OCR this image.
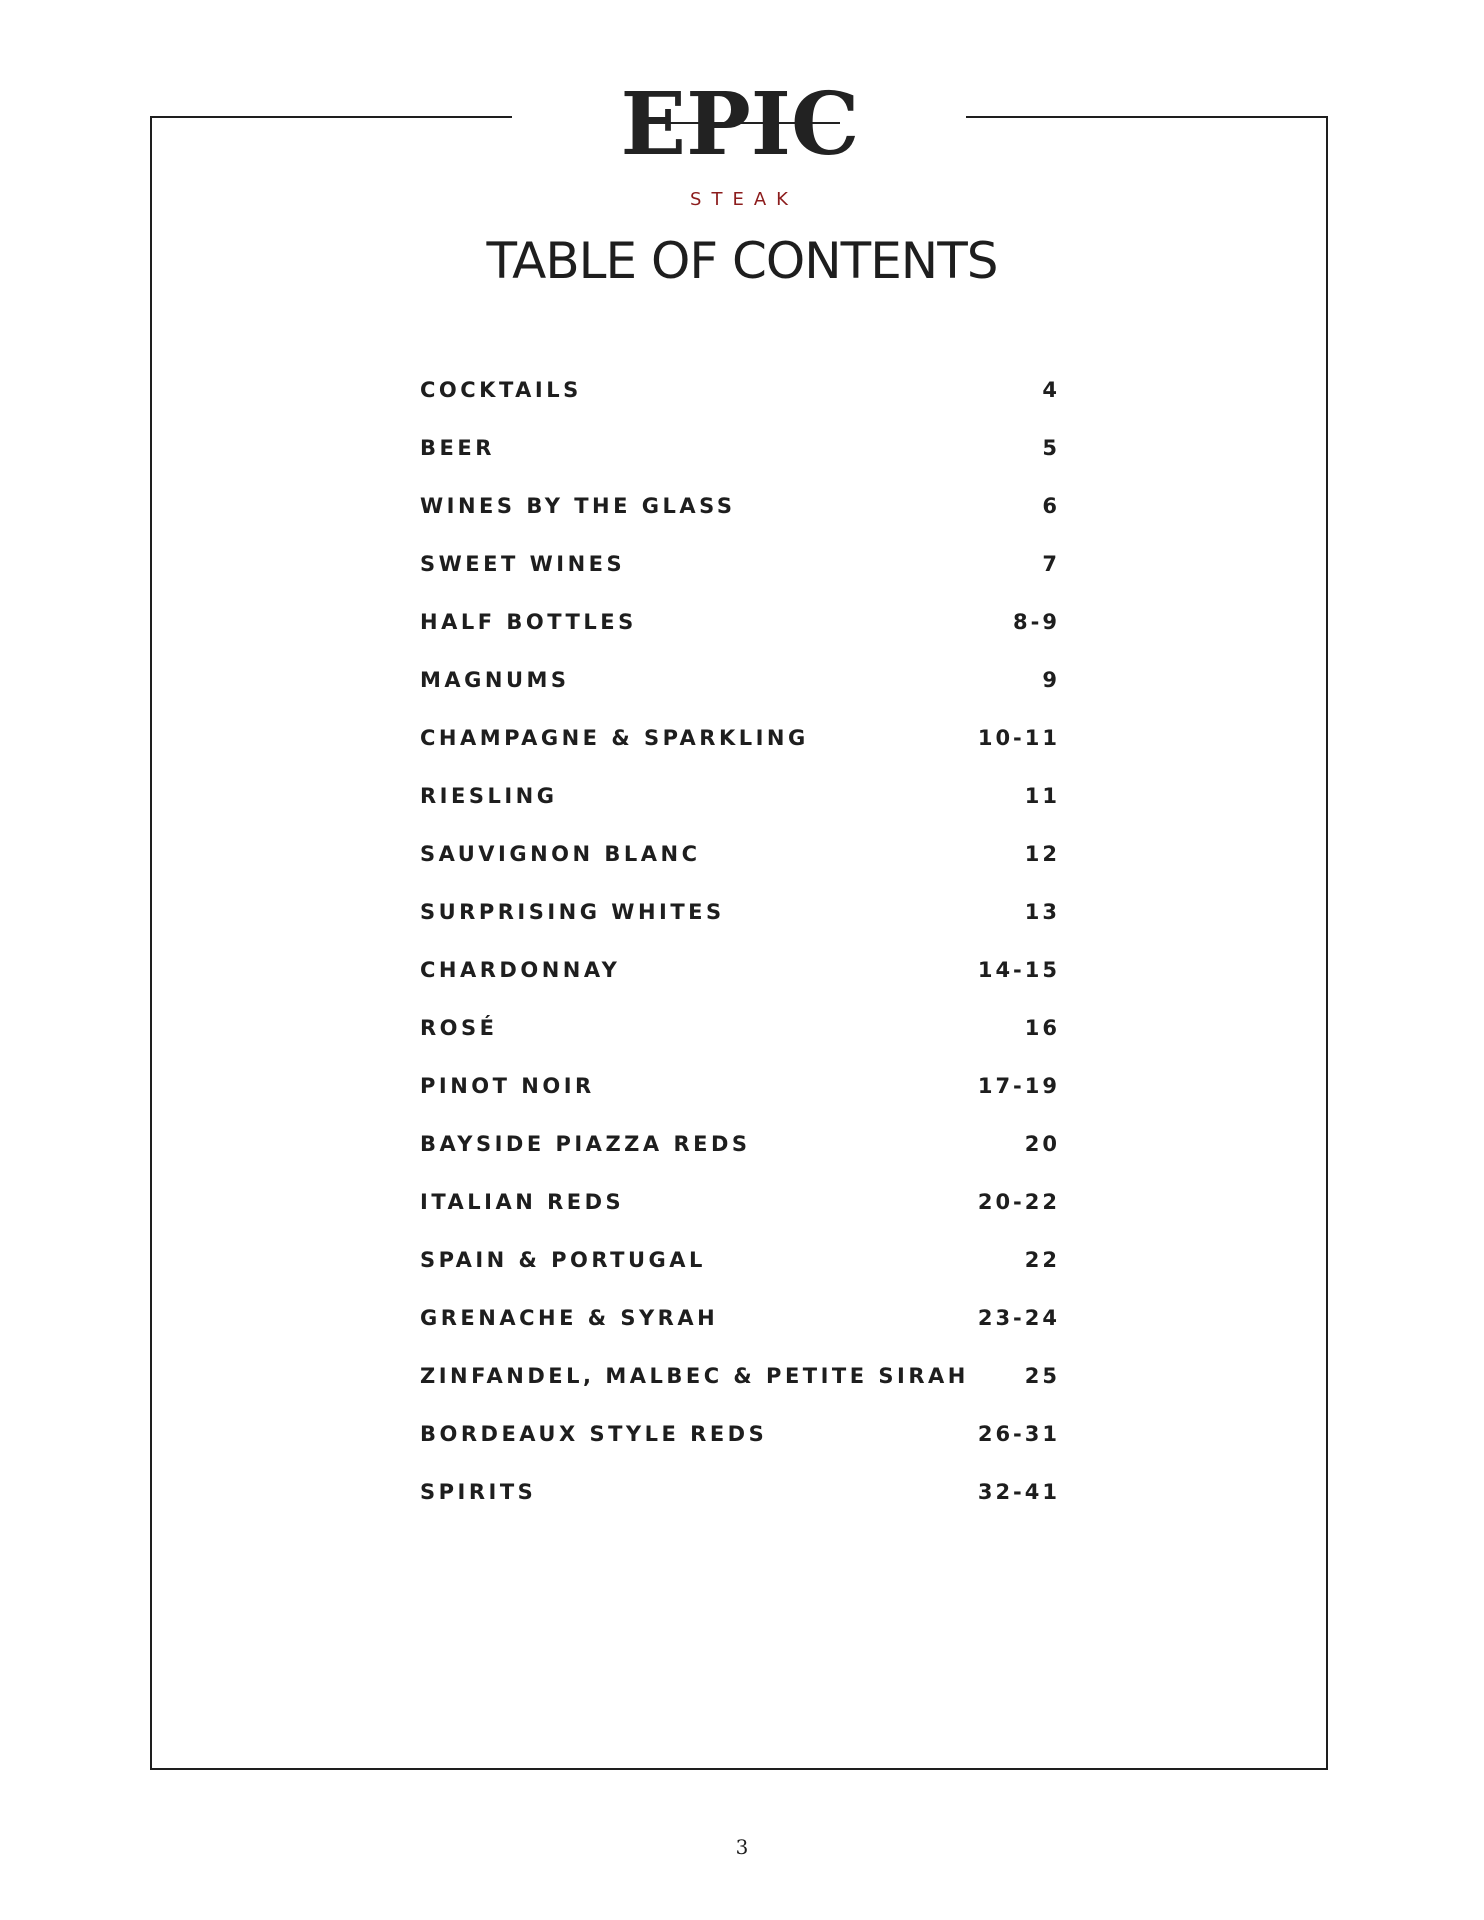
EPIC
STEAK
TABLE OF CONTENTS
COCKTAILS	4
BEER	5
WINES BY THE GLASS	6
SWEET WINES	7
HALF BOTTLES	8-9
MAGNUMS	9
CHAMPAGNE & SPARKLING	10-11
RIESLING	11
SAUVIGNON BLANC	12
SURPRISING WHITES	13
CHARDONNAY	14-15
ROSÉ	16
PINOT NOIR	17-19
BAYSIDE PIAZZA REDS	20
ITALIAN REDS	20-22
SPAIN & PORTUGAL	22
GRENACHE & SYRAH	23-24
ZINFANDEL, MALBEC & PETITE SIRAH	25
BORDEAUX STYLE REDS	26-31
SPIRITS	32-41
3
